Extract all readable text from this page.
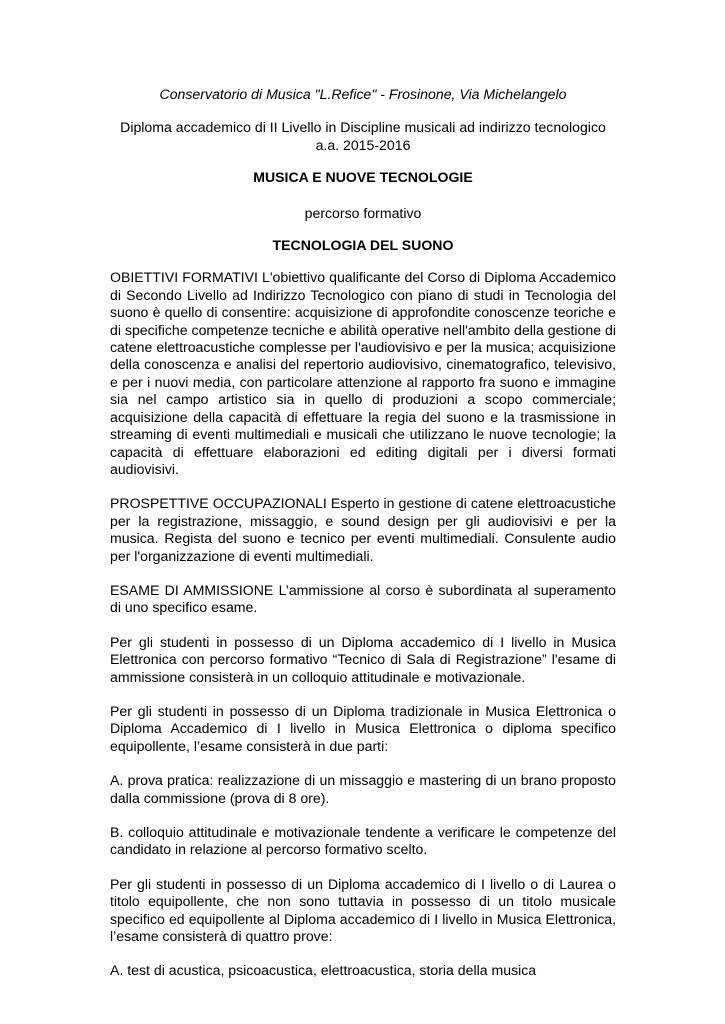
Conservatorio di Musica "L.Refice" - Frosinone, Via Michelangelo
Diploma accademico di II Livello in Discipline musicali ad indirizzo tecnologico
a.a. 2015-2016
MUSICA E NUOVE TECNOLOGIE
percorso formativo
TECNOLOGIA DEL SUONO

OBIETTIVI FORMATIVI L'obiettivo qualificante del Corso di Diploma Accademico di Secondo Livello ad Indirizzo Tecnologico con piano di studi in Tecnologia del suono è quello di consentire: acquisizione di approfondite conoscenze teoriche e di specifiche competenze tecniche e abilità operative nell'ambito della gestione di catene elettroacustiche complesse per l'audiovisivo e per la musica; acquisizione della conoscenza e analisi del repertorio audiovisivo, cinematografico, televisivo, e per i nuovi media, con particolare attenzione al rapporto fra suono e immagine sia nel campo artistico sia in quello di produzioni a scopo commerciale; acquisizione della capacità di effettuare la regia del suono e la trasmissione in streaming di eventi multimediali e musicali che utilizzano le nuove tecnologie; la capacità di effettuare elaborazioni ed editing digitali per i diversi formati audiovisivi.

PROSPETTIVE OCCUPAZIONALI Esperto in gestione di catene elettroacustiche per la registrazione, missaggio, e sound design per gli audiovisivi e per la musica. Regista del suono e tecnico per eventi multimediali. Consulente audio per l'organizzazione di eventi multimediali.

ESAME DI AMMISSIONE L’ammissione al corso è subordinata al superamento di uno specifico esame.

Per gli studenti in possesso di un Diploma accademico di I livello in Musica Elettronica con percorso formativo “Tecnico di Sala di Registrazione” l'esame di ammissione consisterà in un colloquio attitudinale e motivazionale.

Per gli studenti in possesso di un Diploma tradizionale in Musica Elettronica o Diploma Accademico di I livello in Musica Elettronica o diploma specifico equipollente, l’esame consisterà in due parti:

A. prova pratica: realizzazione di un missaggio e mastering di un brano proposto dalla commissione (prova di 8 ore).

B. colloquio attitudinale e motivazionale tendente a verificare le competenze del candidato in relazione al percorso formativo scelto.

Per gli studenti in possesso di un Diploma accademico di I livello o di Laurea o titolo equipollente, che non sono tuttavia in possesso di un titolo musicale specifico ed equipollente al Diploma accademico di I livello in Musica Elettronica, l’esame consisterà di quattro prove:

A. test di acustica, psicoacustica, elettroacustica, storia della musica
